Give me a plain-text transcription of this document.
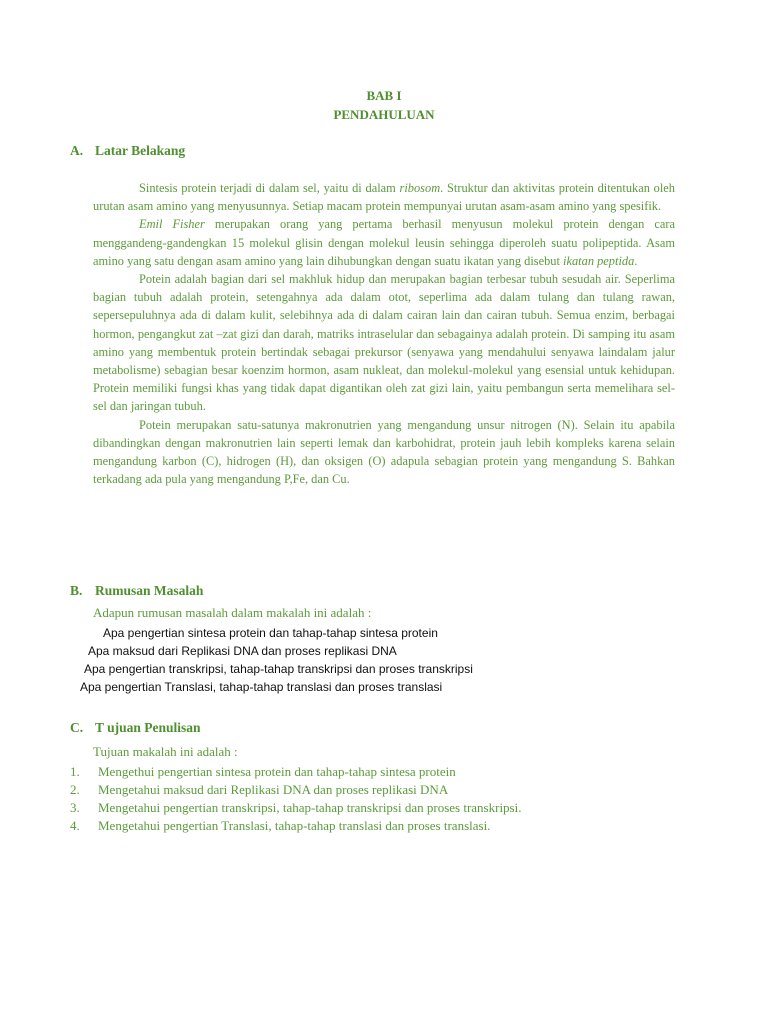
BAB I
PENDAHULUAN
A. Latar Belakang

Sintesis protein terjadi di dalam sel, yaitu di dalam ribosom. Struktur dan aktivitas protein ditentukan oleh urutan asam amino yang menyusunnya. Setiap macam protein mempunyai urutan asam-asam amino yang spesifik.

Emil Fisher merupakan orang yang pertama berhasil menyusun molekul protein dengan cara menggandeng-gandengkan 15 molekul glisin dengan molekul leusin sehingga diperoleh suatu polipeptida. Asam amino yang satu dengan asam amino yang lain dihubungkan dengan suatu ikatan yang disebut ikatan peptida.

Potein adalah bagian dari sel makhluk hidup dan merupakan bagian terbesar tubuh sesudah air. Seperlima bagian tubuh adalah protein, setengahnya ada dalam otot, seperlima ada dalam tulang dan tulang rawan, sepersepuluhnya ada di dalam kulit, selebihnya ada di dalam cairan lain dan cairan tubuh. Semua enzim, berbagai hormon, pengangkut zat –zat gizi dan darah, matriks intraselular dan sebagainya adalah protein. Di samping itu asam amino yang membentuk protein bertindak sebagai prekursor (senyawa yang mendahului senyawa laindalam jalur metabolisme) sebagian besar koenzim hormon, asam nukleat, dan molekul-molekul yang esensial untuk kehidupan. Protein memiliki fungsi khas yang tidak dapat digantikan oleh zat gizi lain, yaitu pembangun serta memelihara sel-sel dan jaringan tubuh.

Potein merupakan satu-satunya makronutrien yang mengandung unsur nitrogen (N). Selain itu apabila dibandingkan dengan makronutrien lain seperti lemak dan karbohidrat, protein jauh lebih kompleks karena selain mengandung karbon (C), hidrogen (H), dan oksigen (O) adapula sebagian protein yang mengandung S. Bahkan terkadang ada pula yang mengandung P,Fe, dan Cu.

B. Rumusan Masalah
Adapun rumusan masalah dalam makalah ini adalah :
Apa pengertian sintesa protein dan tahap-tahap sintesa protein
Apa maksud dari Replikasi DNA dan proses replikasi DNA
Apa pengertian transkripsi, tahap-tahap transkripsi dan proses transkripsi
Apa pengertian Translasi, tahap-tahap translasi dan proses translasi
C. T ujuan Penulisan
Tujuan makalah ini adalah :
1. Mengethui pengertian sintesa protein dan tahap-tahap sintesa protein
2. Mengetahui maksud dari Replikasi DNA dan proses replikasi DNA
3. Mengetahui pengertian transkripsi, tahap-tahap transkripsi dan proses transkripsi.
4. Mengetahui pengertian Translasi, tahap-tahap translasi dan proses translasi.
